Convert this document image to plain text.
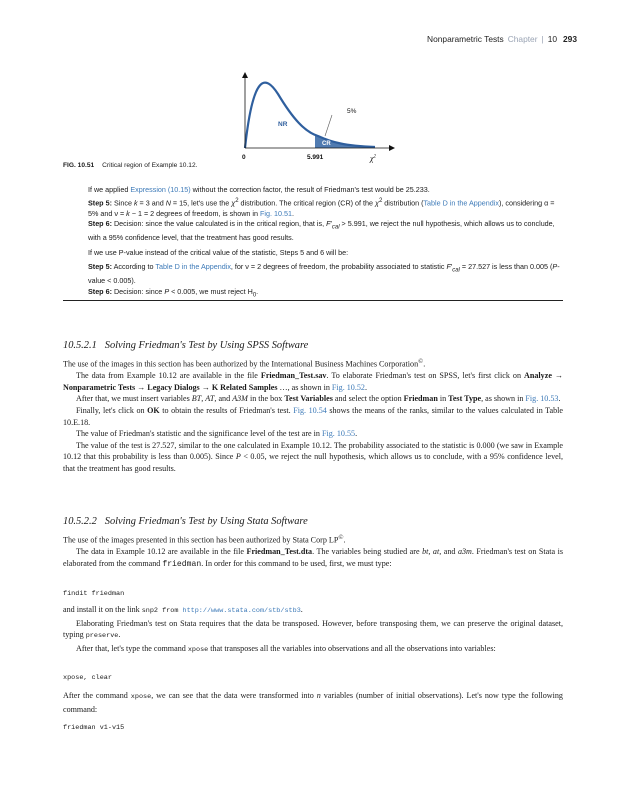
Nonparametric Tests Chapter | 10 293
5%
NR
CR
0	5.991	$\chi^2$
FIG. 10.51 Critical region of Example 10.12.

If we applied Expression (10.15) without the correction factor, the result of Friedman's test would be 25.233.

Step 5: Since k = 3 and N = 15, let's use the $\chi^2$ distribution. The critical region (CR) of the $\chi^2$ distribution (Table D in the Appendix), considering α = 5% and ν = k − 1 = 2 degrees of freedom, is shown in Fig. 10.51.

Step 6: Decision: since the value calculated is in the critical region, that is, $F'_{cal} > 5.991$, we reject the null hypothesis, which allows us to conclude, with a 95% confidence level, that the treatment has good results.

If we use P-value instead of the critical value of the statistic, Steps 5 and 6 will be:

Step 5: According to Table D in the Appendix, for ν = 2 degrees of freedom, the probability associated to statistic $F'_{cal} = 27.527$ is less than 0.005 (P-value < 0.005).

Step 6: Decision: since P < 0.005, we must reject $H_0$.

10.5.2.1 Solving Friedman's Test by Using SPSS Software

The use of the images in this section has been authorized by the International Business Machines Corporation©.

The data from Example 10.12 are available in the file Friedman_Test.sav. To elaborate Friedman's test on SPSS, let's first click on Analyze → Nonparametric Tests → Legacy Dialogs → K Related Samples …, as shown in Fig. 10.52.

After that, we must insert variables BT, AT, and A3M in the box Test Variables and select the option Friedman in Test Type, as shown in Fig. 10.53.

Finally, let's click on OK to obtain the results of Friedman's test. Fig. 10.54 shows the means of the ranks, similar to the values calculated in Table 10.E.18.

The value of Friedman's statistic and the significance level of the test are in Fig. 10.55.

The value of the test is 27.527, similar to the one calculated in Example 10.12. The probability associated to the statistic is 0.000 (we saw in Example 10.12 that this probability is less than 0.005). Since P < 0.05, we reject the null hypothesis, which allows us to conclude, with a 95% confidence level, that the treatment has good results.

10.5.2.2 Solving Friedman's Test by Using Stata Software

The use of the images presented in this section has been authorized by Stata Corp LP©.

The data in Example 10.12 are available in the file Friedman_Test.dta. The variables being studied are bt, at, and a3m. Friedman's test on Stata is elaborated from the command friedman. In order for this command to be used, first, we must type:

findit friedman

and install it on the link snp2 from http://www.stata.com/stb/stb3.

Elaborating Friedman's test on Stata requires that the data be transposed. However, before transposing them, we can preserve the original dataset, typing preserve.

After that, let's type the command xpose that transposes all the variables into observations and all the observations into variables:

xpose, clear

After the command xpose, we can see that the data were transformed into n variables (number of initial observations). Let's now type the following command:

friedman v1-v15
